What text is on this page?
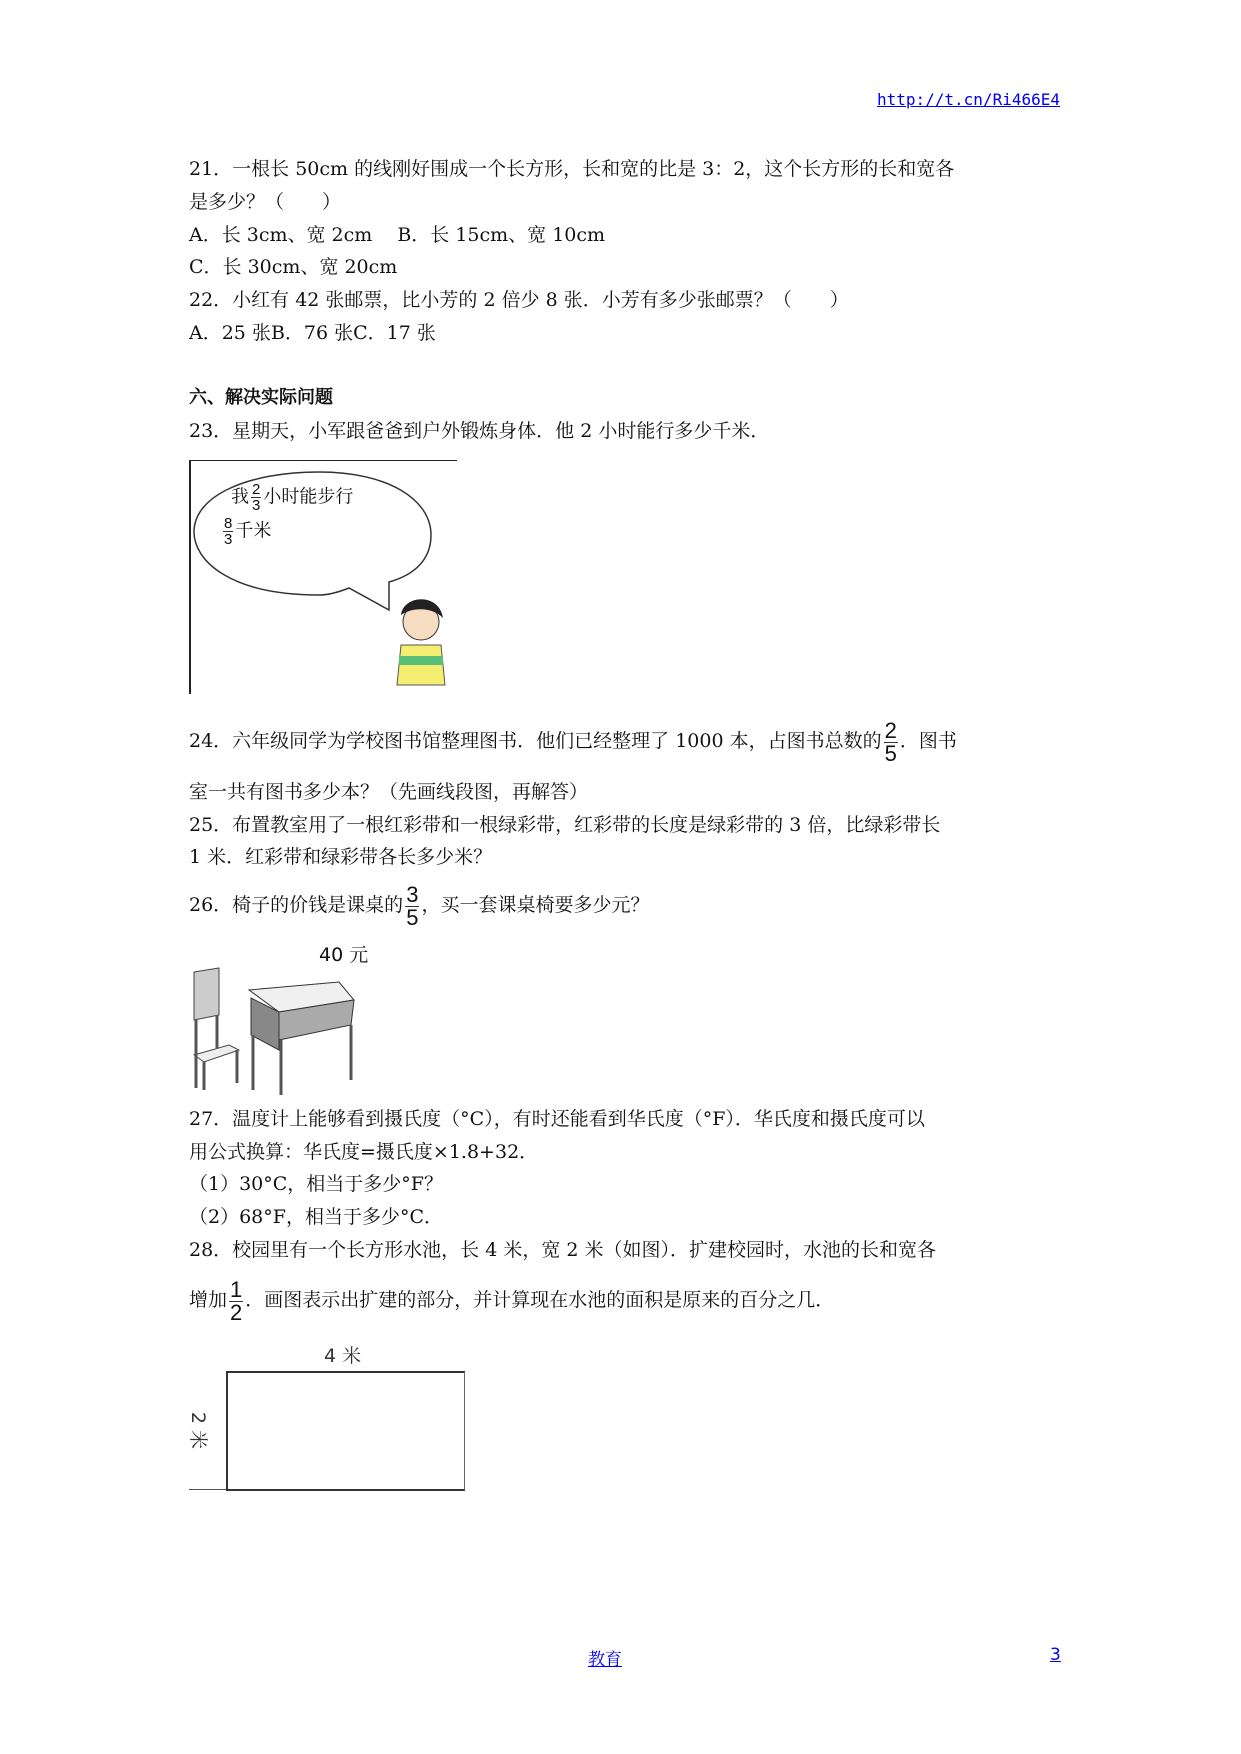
http://t.cn/Ri466E4
21．一根长 50cm 的线刚好围成一个长方形，长和宽的比是 3：2，这个长方形的长和宽各
是多少？（　　）
A．长 3cm、宽 2cm　 B．长 15cm、宽 10cm
C．长 30cm、宽 20cm
22．小红有 42 张邮票，比小芳的 2 倍少 8 张．小芳有多少张邮票？（　　）
A．25 张B．76 张C．17 张
六、解决实际问题
23．星期天，小军跟爸爸到户外锻炼身体．他 2 小时能行多少千米．
我 $\frac{2}{3}$ 小时能步行
$\frac{8}{3}$ 千米
24．六年级同学为学校图书馆整理图书．他们已经整理了 1000 本，占图书总数的 $\frac{2}{5}$ ．图书
室一共有图书多少本？（先画线段图，再解答）
25．布置教室用了一根红彩带和一根绿彩带，红彩带的长度是绿彩带的 3 倍，比绿彩带长
1 米．红彩带和绿彩带各长多少米？
26．椅子的价钱是课桌的 $\frac{3}{5}$ ，买一套课桌椅要多少元？
40 元
27．温度计上能够看到摄氏度（°C），有时还能看到华氏度（°F）．华氏度和摄氏度可以
用公式换算：华氏度=摄氏度×1.8+32．
（1）30°C，相当于多少°F？
（2）68°F，相当于多少°C．
28．校园里有一个长方形水池，长 4 米，宽 2 米（如图）．扩建校园时，水池的长和宽各
增加 $\frac{1}{2}$ ．画图表示出扩建的部分，并计算现在水池的面积是原来的百分之几．
4 米
2 米
教育	3
